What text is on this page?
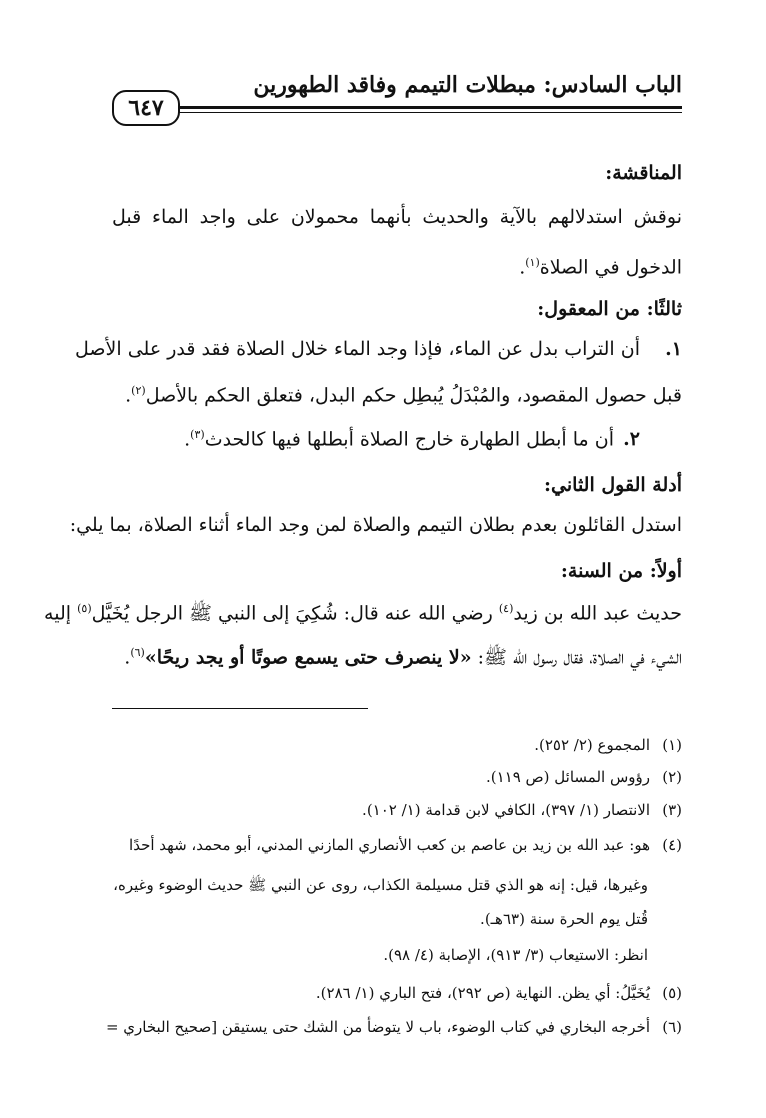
الباب السادس: مبطلات التيمم وفاقد الطهورين
٦٤٧
المناقشة:
نوقش استدلالهم بالآية والحديث بأنهما محمولان على واجد الماء قبل
الدخول في الصلاة$^{(١)}$.
ثالثًا: من المعقول:
١.أن التراب بدل عن الماء، فإذا وجد الماء خلال الصلاة فقد قدر على الأصل
قبل حصول المقصود، والمُبْدَلُ يُبطِل حكم البدل، فتعلق الحكم بالأصل$^{(٢)}$.
٢.أن ما أبطل الطهارة خارج الصلاة أبطلها فيها كالحدث$^{(٣)}$.
أدلة القول الثاني:
استدل القائلون بعدم بطلان التيمم والصلاة لمن وجد الماء أثناء الصلاة، بما يلي:
أولاً: من السنة:
حديث عبد الله بن زيد$^{(٤)}$ رضي الله عنه قال: شُكِيَ إلى النبي ﷺ الرجل يُخَيَّل$^{(٥)}$ إليه
الشيء في الصلاة، فقال رسول الله ﷺ: «لا ينصرف حتى يسمع صوتًا أو يجد ريحًا»$^{(٦)}$.
(١)المجموع (٢/ ٢٥٢).
(٢)رؤوس المسائل (ص ١١٩).
(٣)الانتصار (١/ ٣٩٧)، الكافي لابن قدامة (١/ ١٠٢).
(٤)هو: عبد الله بن زيد بن عاصم بن كعب الأنصاري المازني المدني، أبو محمد، شهد أحدًا
وغيرها، قيل: إنه هو الذي قتل مسيلمة الكذاب، روى عن النبي ﷺ حديث الوضوء وغيره،
قُتل يوم الحرة سنة (٦٣هـ).
انظر: الاستيعاب (٣/ ٩١٣)، الإصابة (٤/ ٩٨).
(٥)يُخَيَّلُ: أي يظن. النهاية (ص ٢٩٢)، فتح الباري (١/ ٢٨٦).
(٦)أخرجه البخاري في كتاب الوضوء، باب لا يتوضأ من الشك حتى يستيقن [صحيح البخاري =
